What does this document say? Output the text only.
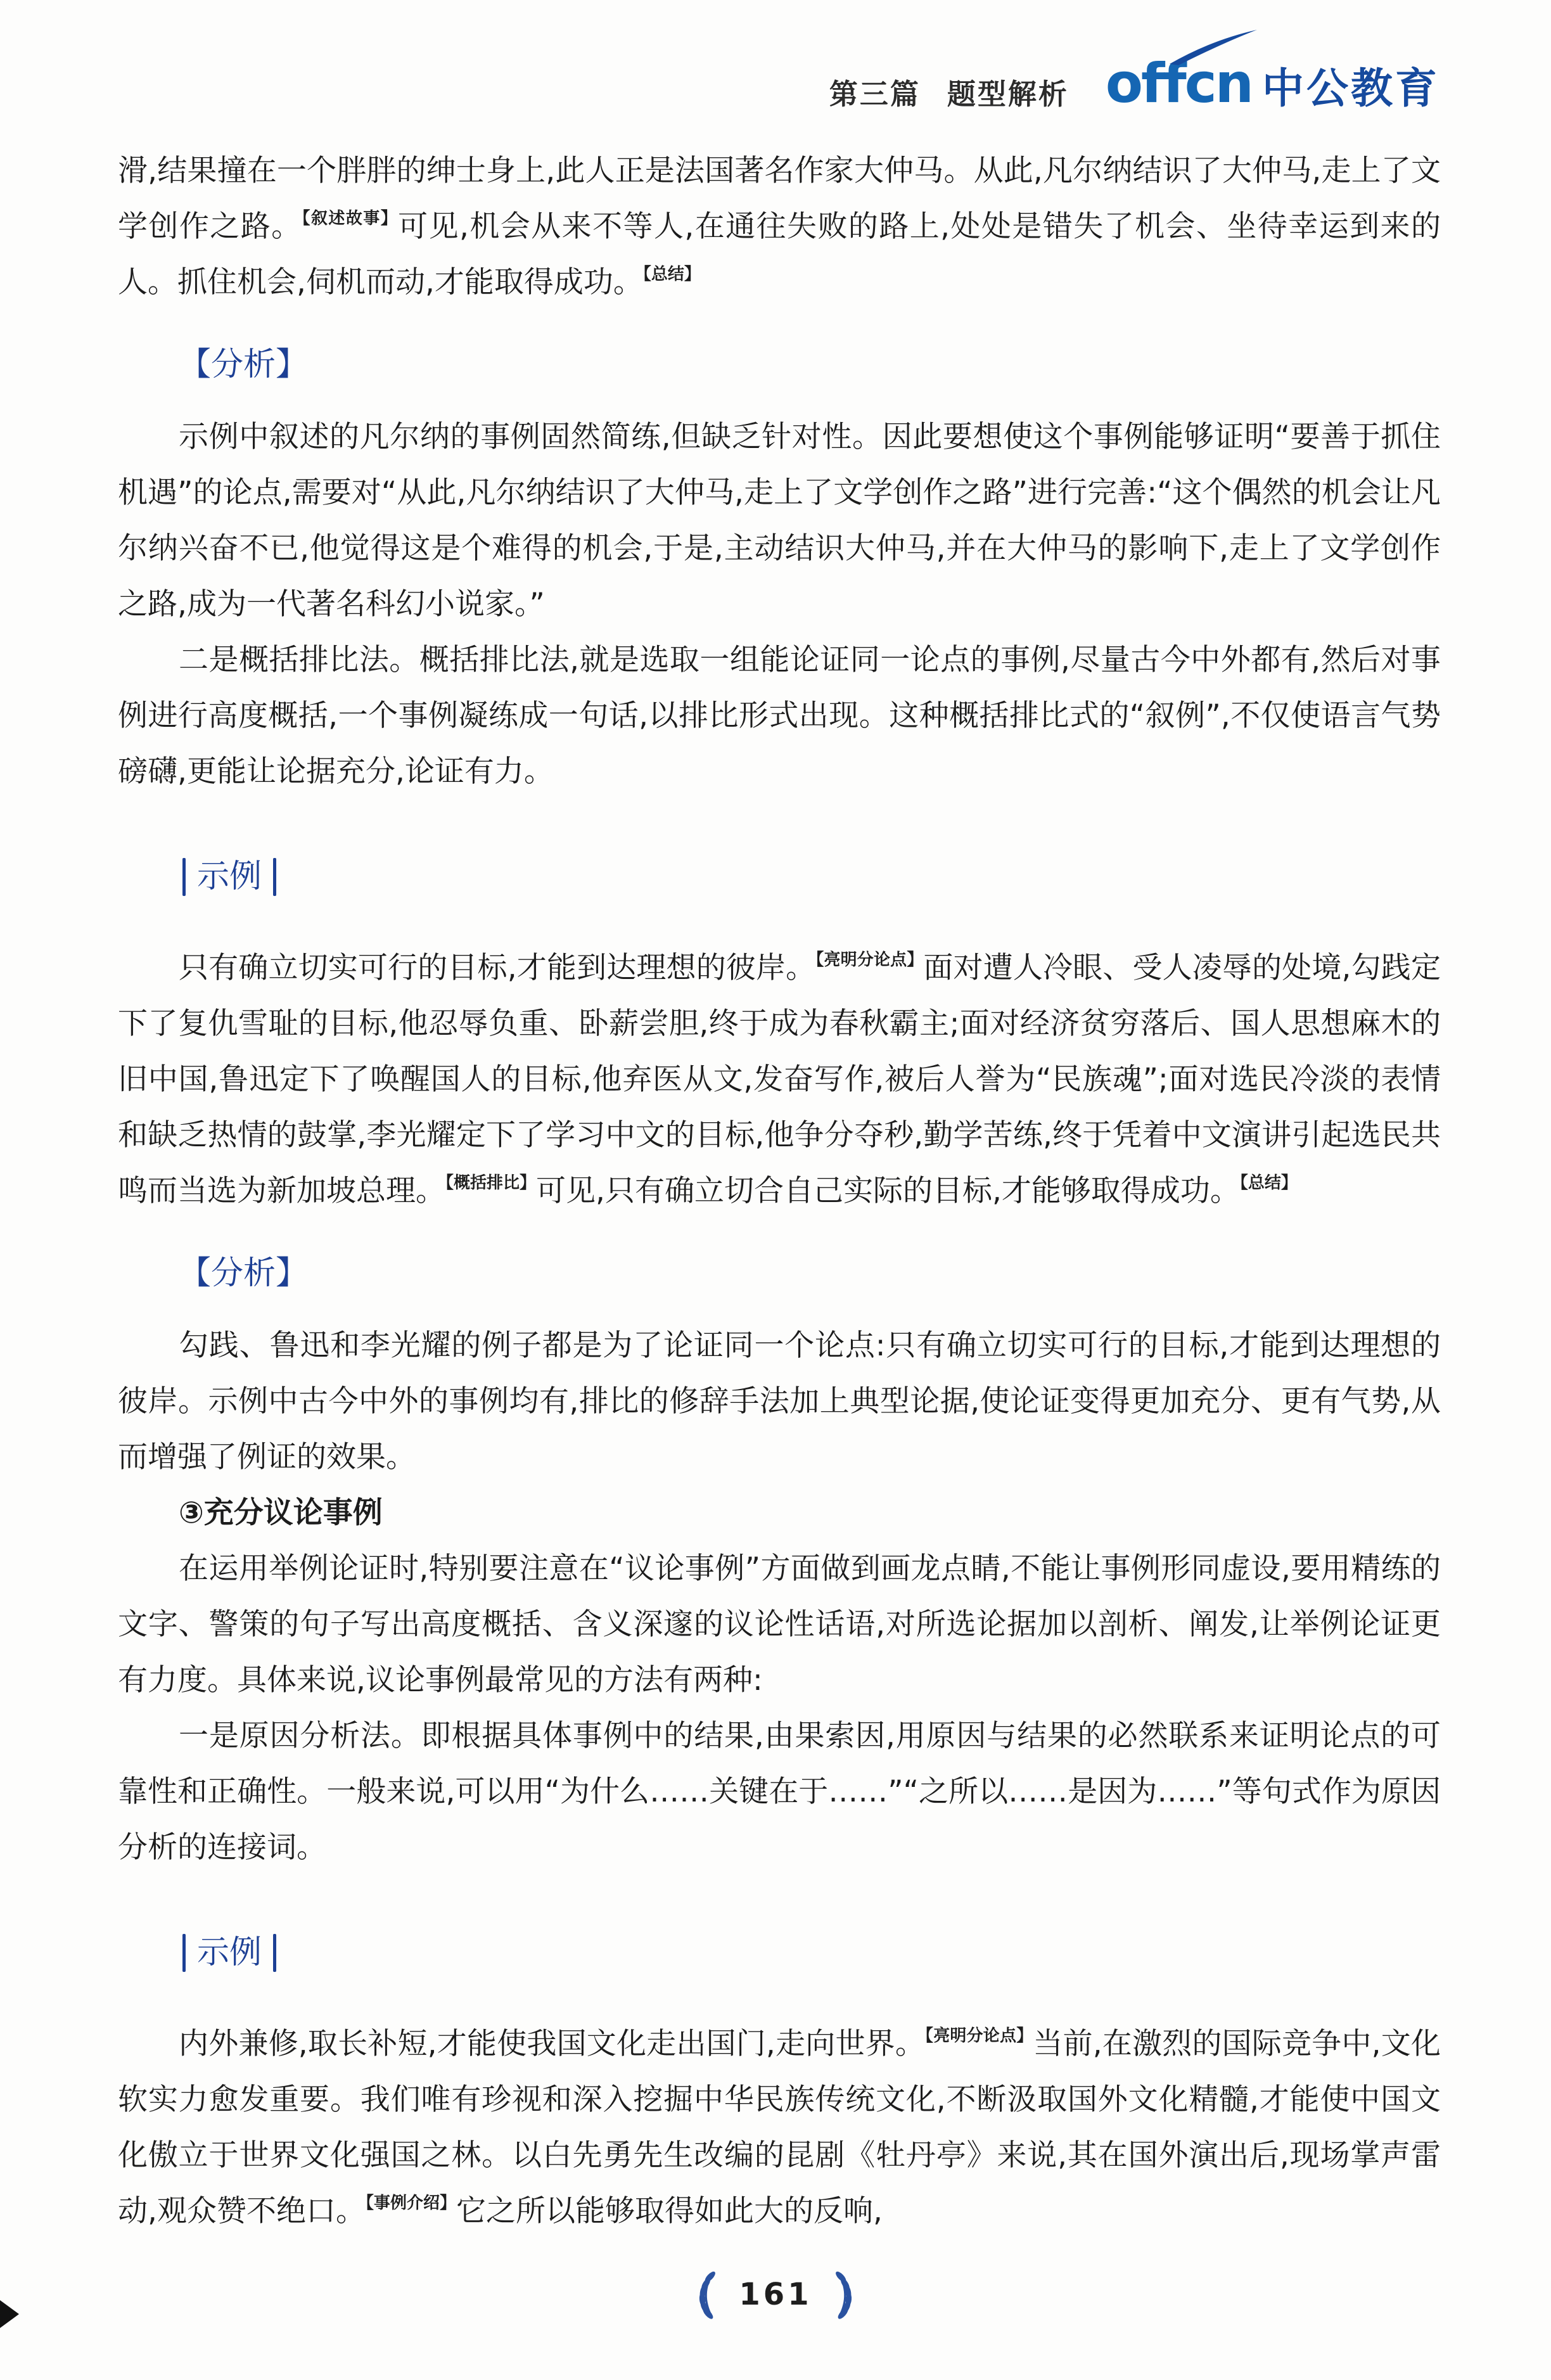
第三篇 题型解析 offcn 中公教育

滑,结果撞在一个胖胖的绅士身上,此人正是法国著名作家大仲马。从此,凡尔纳结识了大仲马,走上了文学创作之路。$^{【叙述故事】}$可见,机会从来不等人,在通往失败的路上,处处是错失了机会、坐待幸运到来的人。抓住机会,伺机而动,才能取得成功。$^{【总结】}$

【分析】

示例中叙述的凡尔纳的事例固然简练,但缺乏针对性。因此要想使这个事例能够证明“要善于抓住机遇”的论点,需要对“从此,凡尔纳结识了大仲马,走上了文学创作之路”进行完善:“这个偶然的机会让凡尔纳兴奋不已,他觉得这是个难得的机会,于是,主动结识大仲马,并在大仲马的影响下,走上了文学创作之路,成为一代著名科幻小说家。”

二是概括排比法。概括排比法,就是选取一组能论证同一论点的事例,尽量古今中外都有,然后对事例进行高度概括,一个事例凝练成一句话,以排比形式出现。这种概括排比式的“叙例”,不仅使语言气势磅礴,更能让论据充分,论证有力。

示例

只有确立切实可行的目标,才能到达理想的彼岸。$^{【亮明分论点】}$面对遭人冷眼、受人凌辱的处境,勾践定下了复仇雪耻的目标,他忍辱负重、卧薪尝胆,终于成为春秋霸主;面对经济贫穷落后、国人思想麻木的旧中国,鲁迅定下了唤醒国人的目标,他弃医从文,发奋写作,被后人誉为“民族魂”;面对选民冷淡的表情和缺乏热情的鼓掌,李光耀定下了学习中文的目标,他争分夺秒,勤学苦练,终于凭着中文演讲引起选民共鸣而当选为新加坡总理。$^{【概括排比】}$可见,只有确立切合自己实际的目标,才能够取得成功。$^{【总结】}$

【分析】

勾践、鲁迅和李光耀的例子都是为了论证同一个论点:只有确立切实可行的目标,才能到达理想的彼岸。示例中古今中外的事例均有,排比的修辞手法加上典型论据,使论证变得更加充分、更有气势,从而增强了例证的效果。

③充分议论事例

在运用举例论证时,特别要注意在“议论事例”方面做到画龙点睛,不能让事例形同虚设,要用精练的文字、警策的句子写出高度概括、含义深邃的议论性话语,对所选论据加以剖析、阐发,让举例论证更有力度。具体来说,议论事例最常见的方法有两种:

一是原因分析法。即根据具体事例中的结果,由果索因,用原因与结果的必然联系来证明论点的可靠性和正确性。一般来说,可以用“为什么……关键在于……”“之所以……是因为……”等句式作为原因分析的连接词。

示例

内外兼修,取长补短,才能使我国文化走出国门,走向世界。$^{【亮明分论点】}$当前,在激烈的国际竞争中,文化软实力愈发重要。我们唯有珍视和深入挖掘中华民族传统文化,不断汲取国外文化精髓,才能使中国文化傲立于世界文化强国之林。以白先勇先生改编的昆剧《牡丹亭》来说,其在国外演出后,现场掌声雷动,观众赞不绝口。$^{【事例介绍】}$它之所以能够取得如此大的反响,

161
